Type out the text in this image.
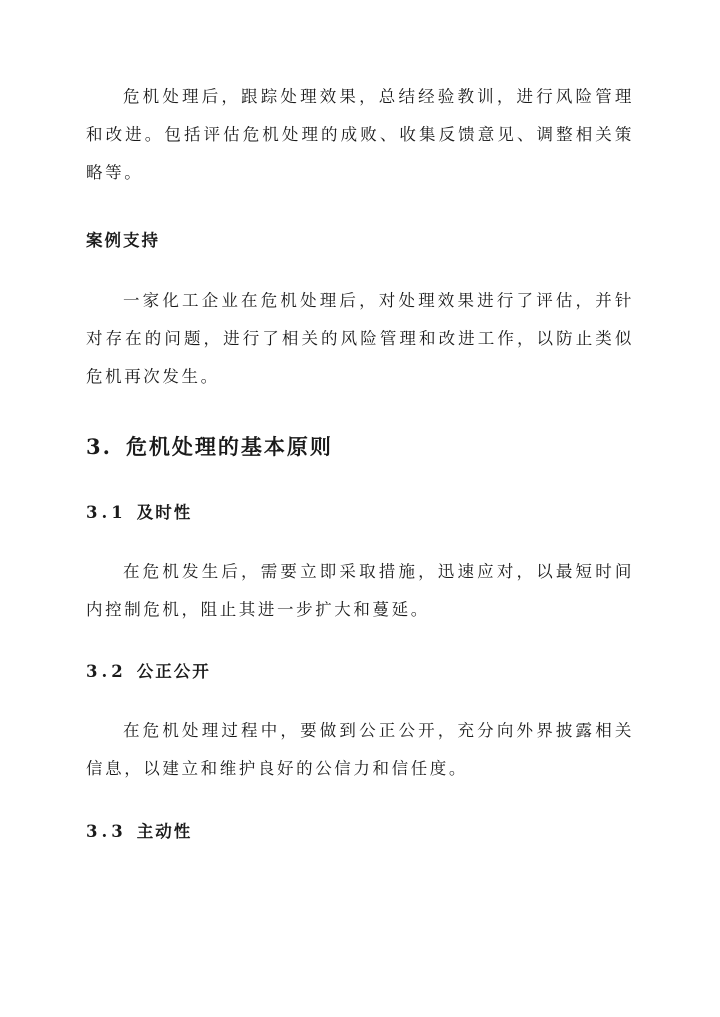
危机处理后，跟踪处理效果，总结经验教训，进行风险管理和改进。包括评估危机处理的成败、收集反馈意见、调整相关策略等。

案例支持

一家化工企业在危机处理后，对处理效果进行了评估，并针对存在的问题，进行了相关的风险管理和改进工作，以防止类似危机再次发生。

3. 危机处理的基本原则
3.1 及时性

在危机发生后，需要立即采取措施，迅速应对，以最短时间内控制危机，阻止其进一步扩大和蔓延。

3.2 公正公开

在危机处理过程中，要做到公正公开，充分向外界披露相关信息，以建立和维护良好的公信力和信任度。

3.3 主动性
